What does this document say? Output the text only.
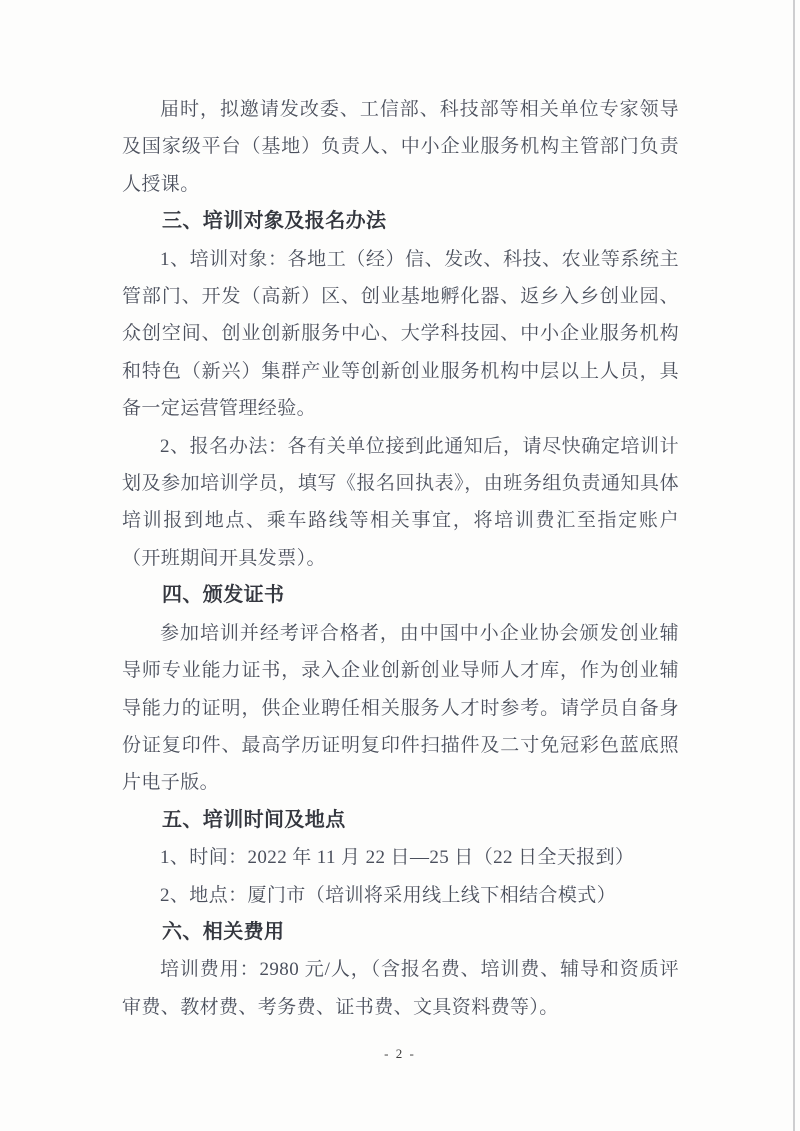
届时，拟邀请发改委、工信部、科技部等相关单位专家领导及国家级平台（基地）负责人、中小企业服务机构主管部门负责人授课。

三、培训对象及报名办法

1、培训对象：各地工（经）信、发改、科技、农业等系统主管部门、开发（高新）区、创业基地孵化器、返乡入乡创业园、众创空间、创业创新服务中心、大学科技园、中小企业服务机构和特色（新兴）集群产业等创新创业服务机构中层以上人员，具备一定运营管理经验。

2、报名办法：各有关单位接到此通知后，请尽快确定培训计划及参加培训学员，填写《报名回执表》，由班务组负责通知具体培训报到地点、乘车路线等相关事宜，将培训费汇至指定账户（开班期间开具发票）。

四、颁发证书

参加培训并经考评合格者，由中国中小企业协会颁发创业辅导师专业能力证书，录入企业创新创业导师人才库，作为创业辅导能力的证明，供企业聘任相关服务人才时参考。请学员自备身份证复印件、最高学历证明复印件扫描件及二寸免冠彩色蓝底照片电子版。

五、培训时间及地点

1、时间：2022 年 11 月 22 日—25 日（22 日全天报到）

2、地点：厦门市（培训将采用线上线下相结合模式）

六、相关费用

培训费用：2980 元/人，（含报名费、培训费、辅导和资质评审费、教材费、考务费、证书费、文具资料费等）。

- 2 -
